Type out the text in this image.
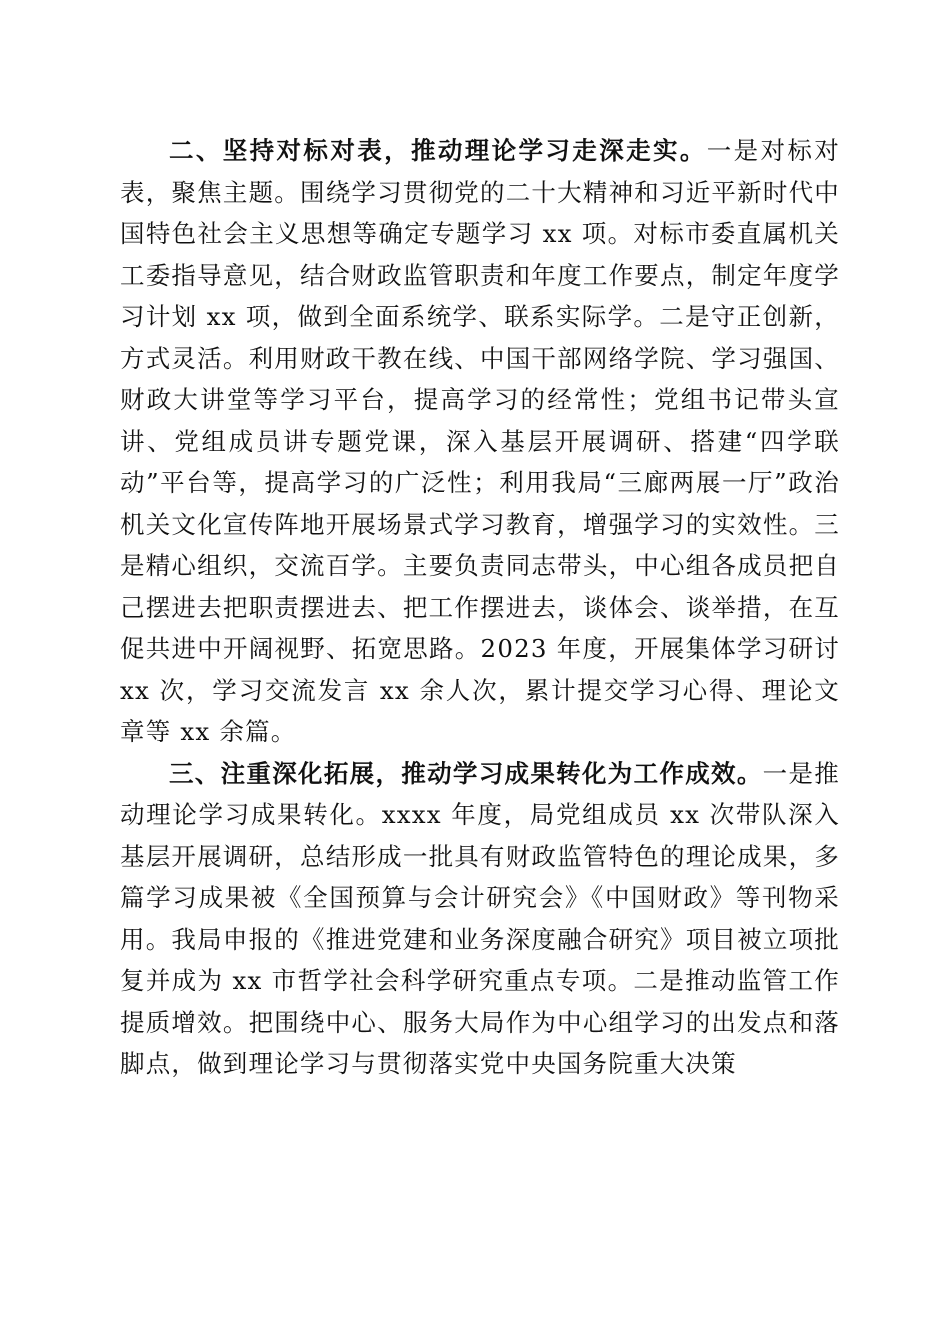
二、坚持对标对表，推动理论学习走深走实。一是对标对表，聚焦主题。围绕学习贯彻党的二十大精神和习近平新时代中国特色社会主义思想等确定专题学习 xx 项。对标市委直属机关工委指导意见，结合财政监管职责和年度工作要点，制定年度学习计划 xx 项，做到全面系统学、联系实际学。二是守正创新，方式灵活。利用财政干教在线、中国干部网络学院、学习强国、财政大讲堂等学习平台，提高学习的经常性；党组书记带头宣讲、党组成员讲专题党课，深入基层开展调研、搭建“四学联动”平台等，提高学习的广泛性；利用我局“三廊两展一厅”政治机关文化宣传阵地开展场景式学习教育，增强学习的实效性。三是精心组织，交流百学。主要负责同志带头，中心组各成员把自己摆进去把职责摆进去、把工作摆进去，谈体会、谈举措，在互促共进中开阔视野、拓宽思路。2023 年度，开展集体学习研讨 xx 次，学习交流发言 xx 余人次，累计提交学习心得、理论文章等 xx 余篇。

三、注重深化拓展，推动学习成果转化为工作成效。一是推动理论学习成果转化。xxxx 年度，局党组成员 xx 次带队深入基层开展调研，总结形成一批具有财政监管特色的理论成果，多篇学习成果被《全国预算与会计研究会》《中国财政》等刊物采用。我局申报的《推进党建和业务深度融合研究》项目被立项批复并成为 xx 市哲学社会科学研究重点专项。二是推动监管工作提质增效。把围绕中心、服务大局作为中心组学习的出发点和落脚点，做到理论学习与贯彻落实党中央国务院重大决策
